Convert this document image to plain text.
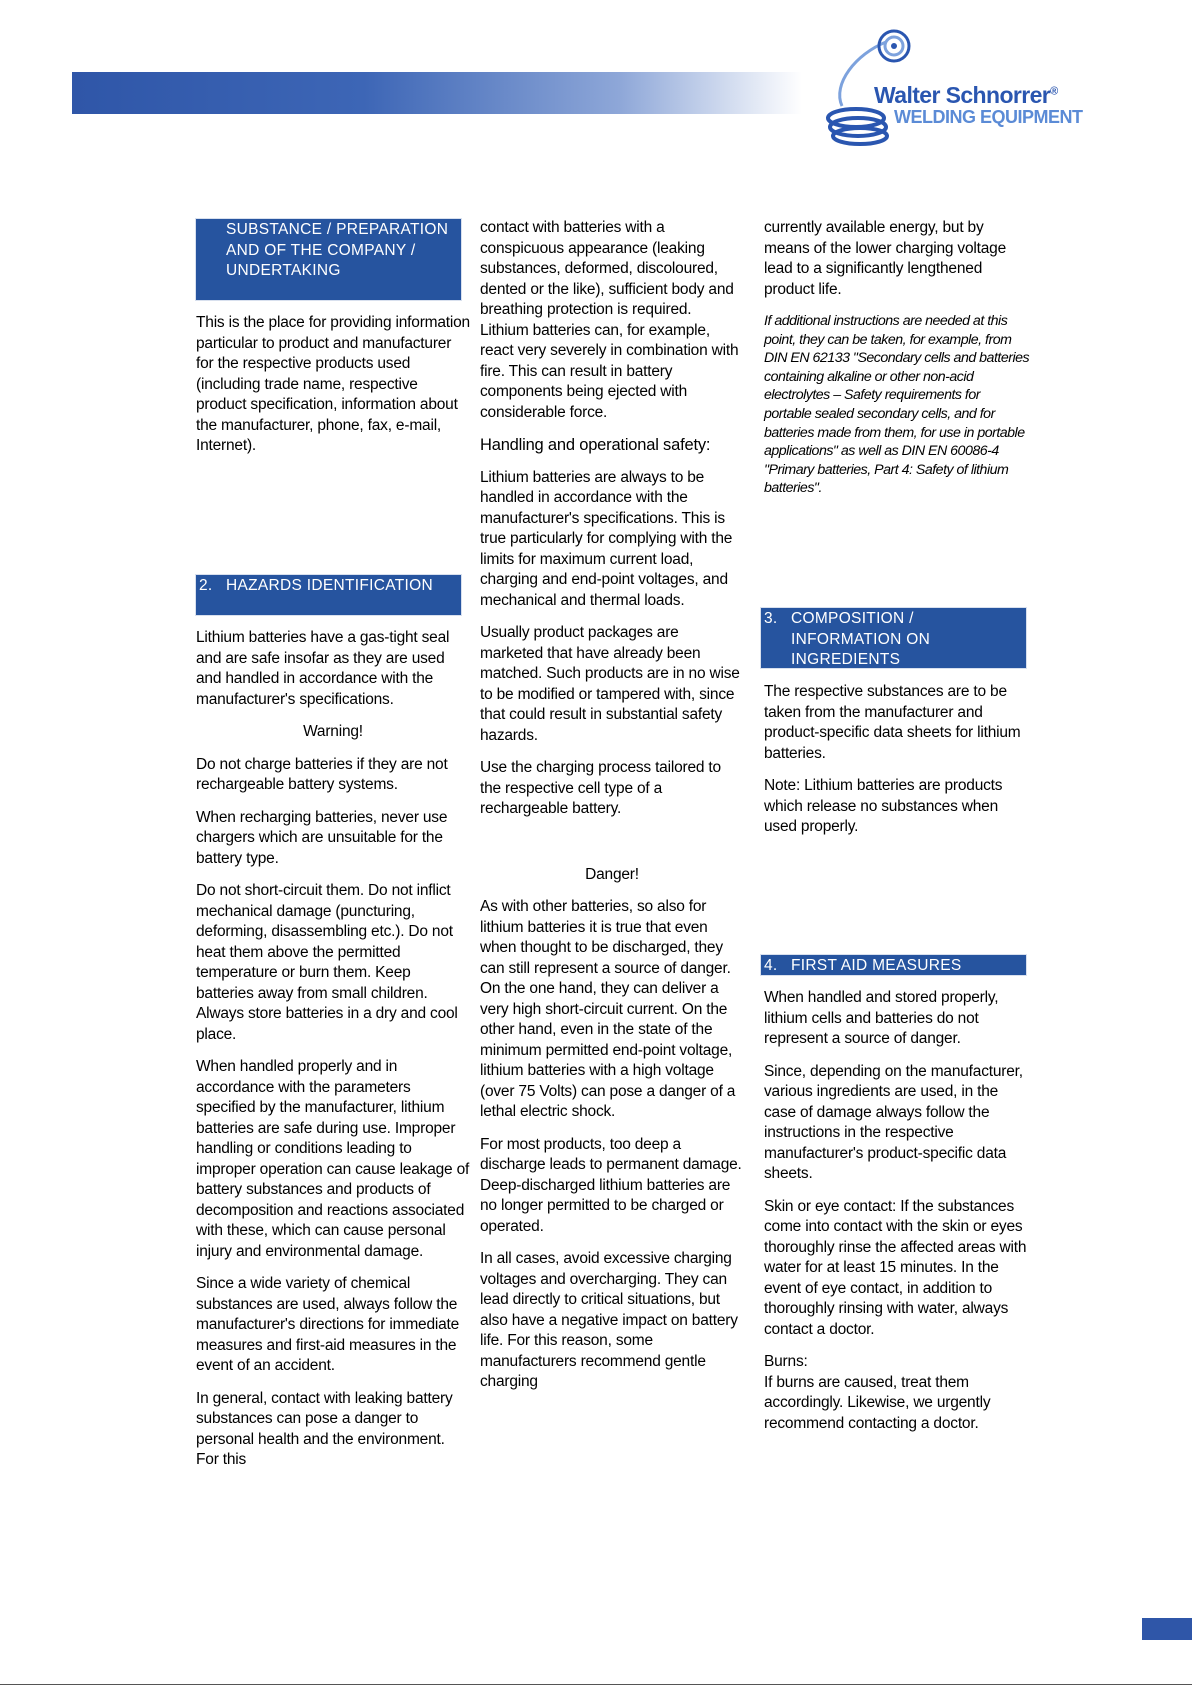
Walter Schnorrer®
WELDING EQUIPMENT
SUBSTANCE / PREPARATION AND OF THE COMPANY / UNDERTAKING

This is the place for providing information particular to product and manufacturer for the respective products used (including trade name, respective product specification, information about the manufacturer, phone, fax, e-mail, Internet).

2. HAZARDS IDENTIFICATION

Lithium batteries have a gas-tight seal and are safe insofar as they are used and handled in accordance with the manufacturer's specifications.

Warning!

Do not charge batteries if they are not rechargeable battery systems.

When recharging batteries, never use chargers which are unsuitable for the battery type.

Do not short-circuit them. Do not inflict mechanical damage (puncturing, deforming, disassembling etc.). Do not heat them above the permitted temperature or burn them. Keep batteries away from small children. Always store batteries in a dry and cool place.

When handled properly and in accordance with the parameters specified by the manufacturer, lithium batteries are safe during use. Improper handling or conditions leading to improper operation can cause leakage of battery substances and products of decomposition and reactions associated with these, which can cause personal injury and environmental damage.

Since a wide variety of chemical substances are used, always follow the manufacturer's directions for immediate measures and first-aid measures in the event of an accident.

In general, contact with leaking battery substances can pose a danger to personal health and the environment. For this

contact with batteries with a conspicuous appearance (leaking substances, deformed, discoloured, dented or the like), sufficient body and breathing protection is required. Lithium batteries can, for example, react very severely in combination with fire. This can result in battery components being ejected with considerable force.

Handling and operational safety:

Lithium batteries are always to be handled in accordance with the manufacturer's specifications. This is true particularly for complying with the limits for maximum current load, charging and end-point voltages, and mechanical and thermal loads.

Usually product packages are marketed that have already been matched. Such products are in no wise to be modified or tampered with, since that could result in substantial safety hazards.

Use the charging process tailored to the respective cell type of a rechargeable battery.

Danger!

As with other batteries, so also for lithium batteries it is true that even when thought to be discharged, they can still represent a source of danger. On the one hand, they can deliver a very high short-circuit current. On the other hand, even in the state of the minimum permitted end-point voltage, lithium batteries with a high voltage (over 75 Volts) can pose a danger of a lethal electric shock.

For most products, too deep a discharge leads to permanent damage. Deep-discharged lithium batteries are no longer permitted to be charged or operated.

In all cases, avoid excessive charging voltages and overcharging. They can lead directly to critical situations, but also have a negative impact on battery life. For this reason, some manufacturers recommend gentle charging

currently available energy, but by means of the lower charging voltage lead to a significantly lengthened product life.

If additional instructions are needed at this point, they can be taken, for example, from DIN EN 62133 "Secondary cells and batteries containing alkaline or other non-acid electrolytes – Safety requirements for portable sealed secondary cells, and for batteries made from them, for use in portable applications" as well as DIN EN 60086-4 "Primary batteries, Part 4: Safety of lithium batteries".

3. COMPOSITION / INFORMATION ON INGREDIENTS

The respective substances are to be taken from the manufacturer and product-specific data sheets for lithium batteries.

Note: Lithium batteries are products which release no substances when used properly.

4. FIRST AID MEASURES

When handled and stored properly, lithium cells and batteries do not represent a source of danger.

Since, depending on the manufacturer, various ingredients are used, in the case of damage always follow the instructions in the respective manufacturer's product-specific data sheets.

Skin or eye contact: If the substances come into contact with the skin or eyes thoroughly rinse the affected areas with water for at least 15 minutes. In the event of eye contact, in addition to thoroughly rinsing with water, always contact a doctor.

Burns:

If burns are caused, treat them accordingly. Likewise, we urgently recommend contacting a doctor.
